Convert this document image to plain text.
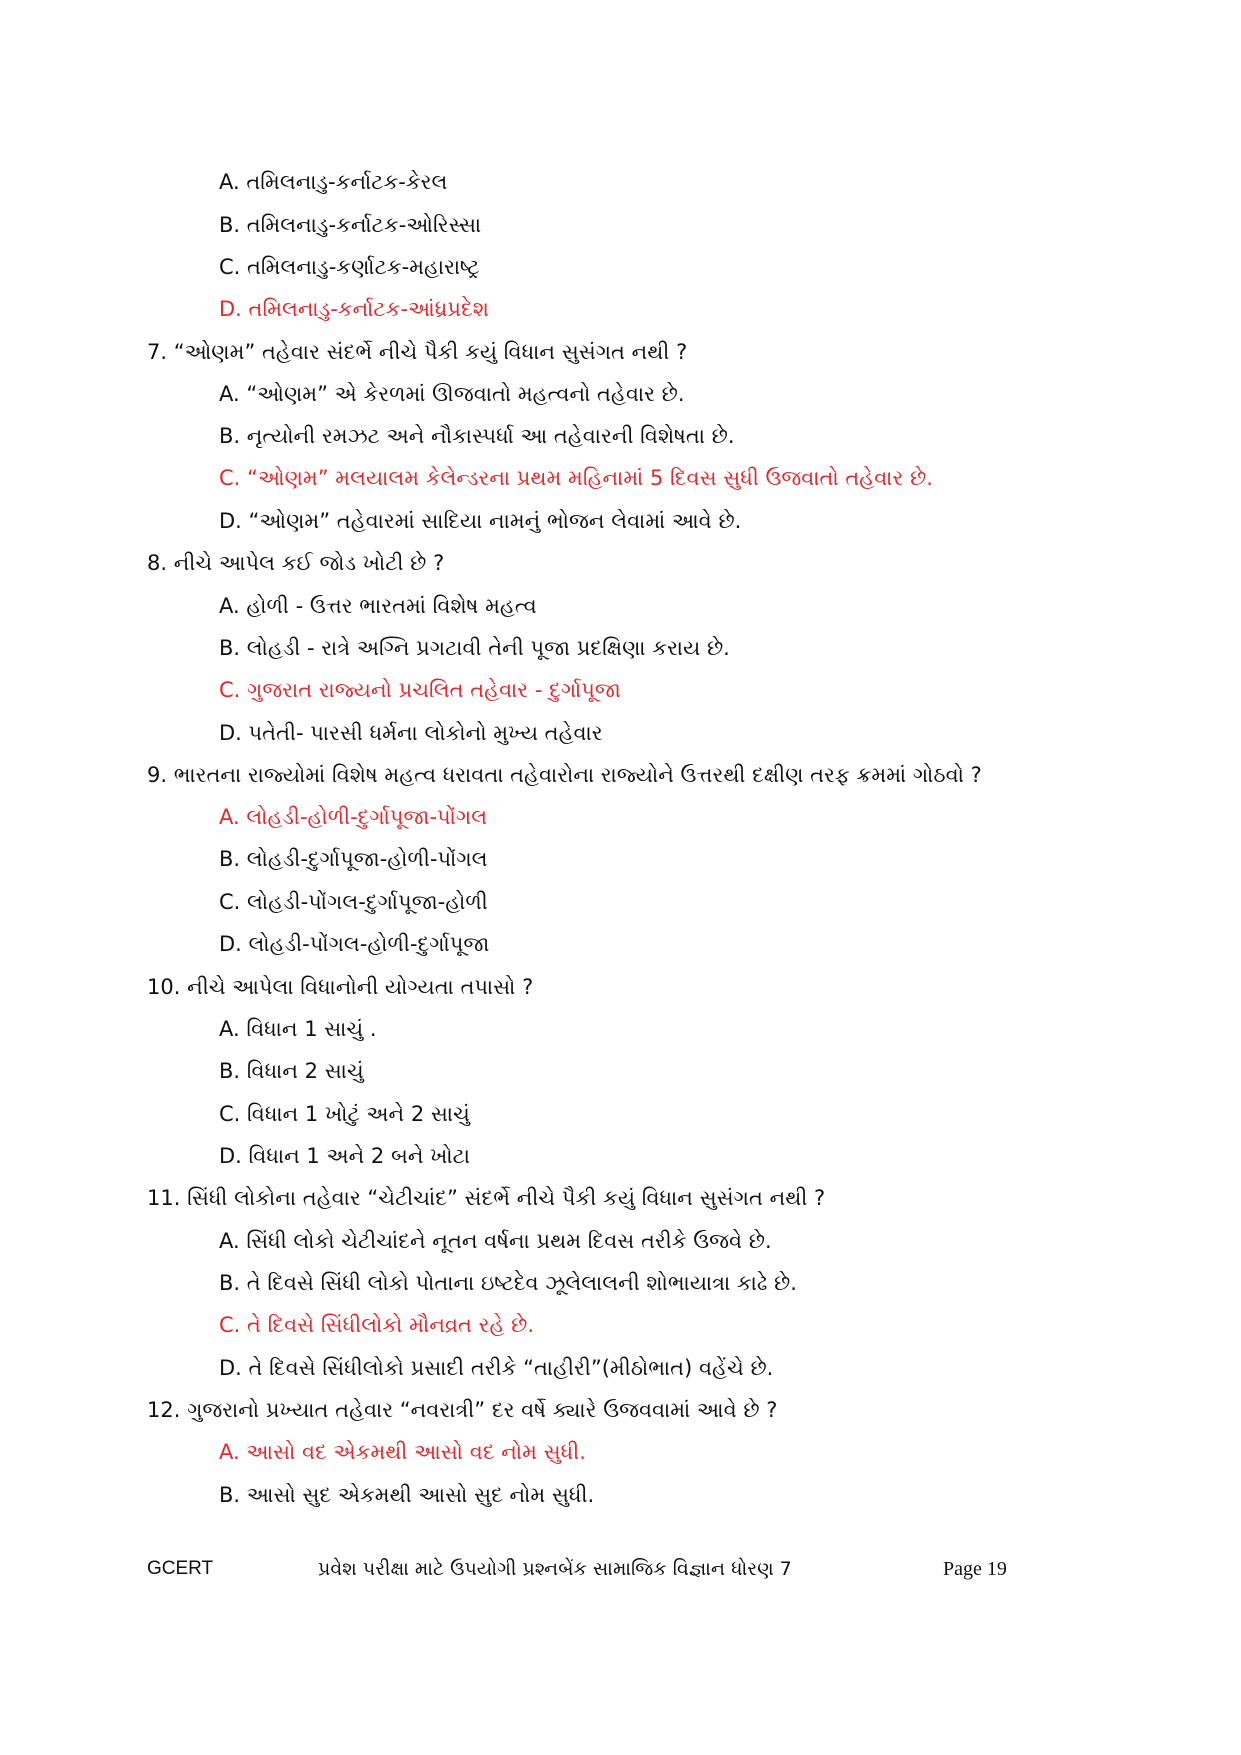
A. તમિલનાડુ-કર્નાટક-કેરલ
B. તમિલનાડુ-કર્નાટક-ઓરિસ્સા
C. તમિલનાડુ-કર્ણાટક-મહારાષ્ટ્ર
D. તમિલનાડુ-કર્નાટક-આંધ્રપ્રદેશ
7. “ઓણમ” તહેવાર સંદર્ભે નીચે પૈકી કયું વિધાન સુસંગત નથી ?
A. “ઓણમ” એ કેરળમાં ઊજવાતો મહત્વનો તહેવાર છે.
B. નૃત્યોની રમઝટ અને નૌકાસ્પર્ધા આ તહેવારની વિશેષતા છે.
C. “ઓણમ” મલયાલમ કેલેન્ડરના પ્રથમ મહિનામાં 5 દિવસ સુધી ઉજવાતો તહેવાર છે.
D. “ઓણમ” તહેવારમાં સાદિયા નામનું ભોજન લેવામાં આવે છે.
8. નીચે આપેલ કઈ જોડ ખોટી છે ?
A. હોળી - ઉત્તર ભારતમાં વિશેષ મહત્વ
B. લોહડી - રાત્રે અગ્નિ પ્રગટાવી તેની પૂજા પ્રદક્ષિણા કરાય છે.
C. ગુજરાત રાજ્યનો પ્રચલિત તહેવાર - દુર્ગાપૂજા
D. પતેતી- પારસી ધર્મના લોકોનો મુખ્ય તહેવાર
9. ભારતના રાજ્યોમાં વિશેષ મહત્વ ધરાવતા તહેવારોના રાજ્યોને ઉત્તરથી દક્ષીણ તરફ ક્રમમાં ગોઠવો ?
A. લોહડી-હોળી-દુર્ગાપૂજા-પોંગલ
B. લોહડી-દુર્ગાપૂજા-હોળી-પોંગલ
C. લોહડી-પોંગલ-દુર્ગાપૂજા-હોળી
D. લોહડી-પોંગલ-હોળી-દુર્ગાપૂજા
10. નીચે આપેલા વિધાનોની યોગ્યતા તપાસો ?
A. વિધાન 1 સાચું .
B. વિધાન 2 સાચું
C. વિધાન 1 ખોટું અને 2 સાચું
D. વિધાન 1 અને 2 બને ખોટા
11. સિંધી લોકોના તહેવાર “ચેટીચાંદ” સંદર્ભે નીચે પૈકી કયું વિધાન સુસંગત નથી ?
A. સિંધી લોકો ચેટીચાંદને નૂતન વર્ષના પ્રથમ દિવસ તરીકે ઉજવે છે.
B. તે દિવસે સિંધી લોકો પોતાના ઇષ્ટદેવ ઝૂલેલાલની શોભાયાત્રા કાઢે છે.
C. તે દિવસે સિંધીલોકો મૌનવ્રત રહે છે.
D. તે દિવસે સિંધીલોકો પ્રસાદી તરીકે “તાહીરી”(મીઠોભાત) વહેંચે છે.
12. ગુજરાનો પ્રખ્યાત તહેવાર “નવરાત્રી” દર વર્ષે ક્યારે ઉજવવામાં આવે છે ?
A. આસો વદ એકમથી આસો વદ નોમ સુધી.
B. આસો સુદ એકમથી આસો સુદ નોમ સુધી.
GCERT	પ્રવેશ પરીક્ષા માટે ઉપયોગી પ્રશ્નબેંક સામાજિક વિજ્ઞાન ધોરણ 7	Page 19
